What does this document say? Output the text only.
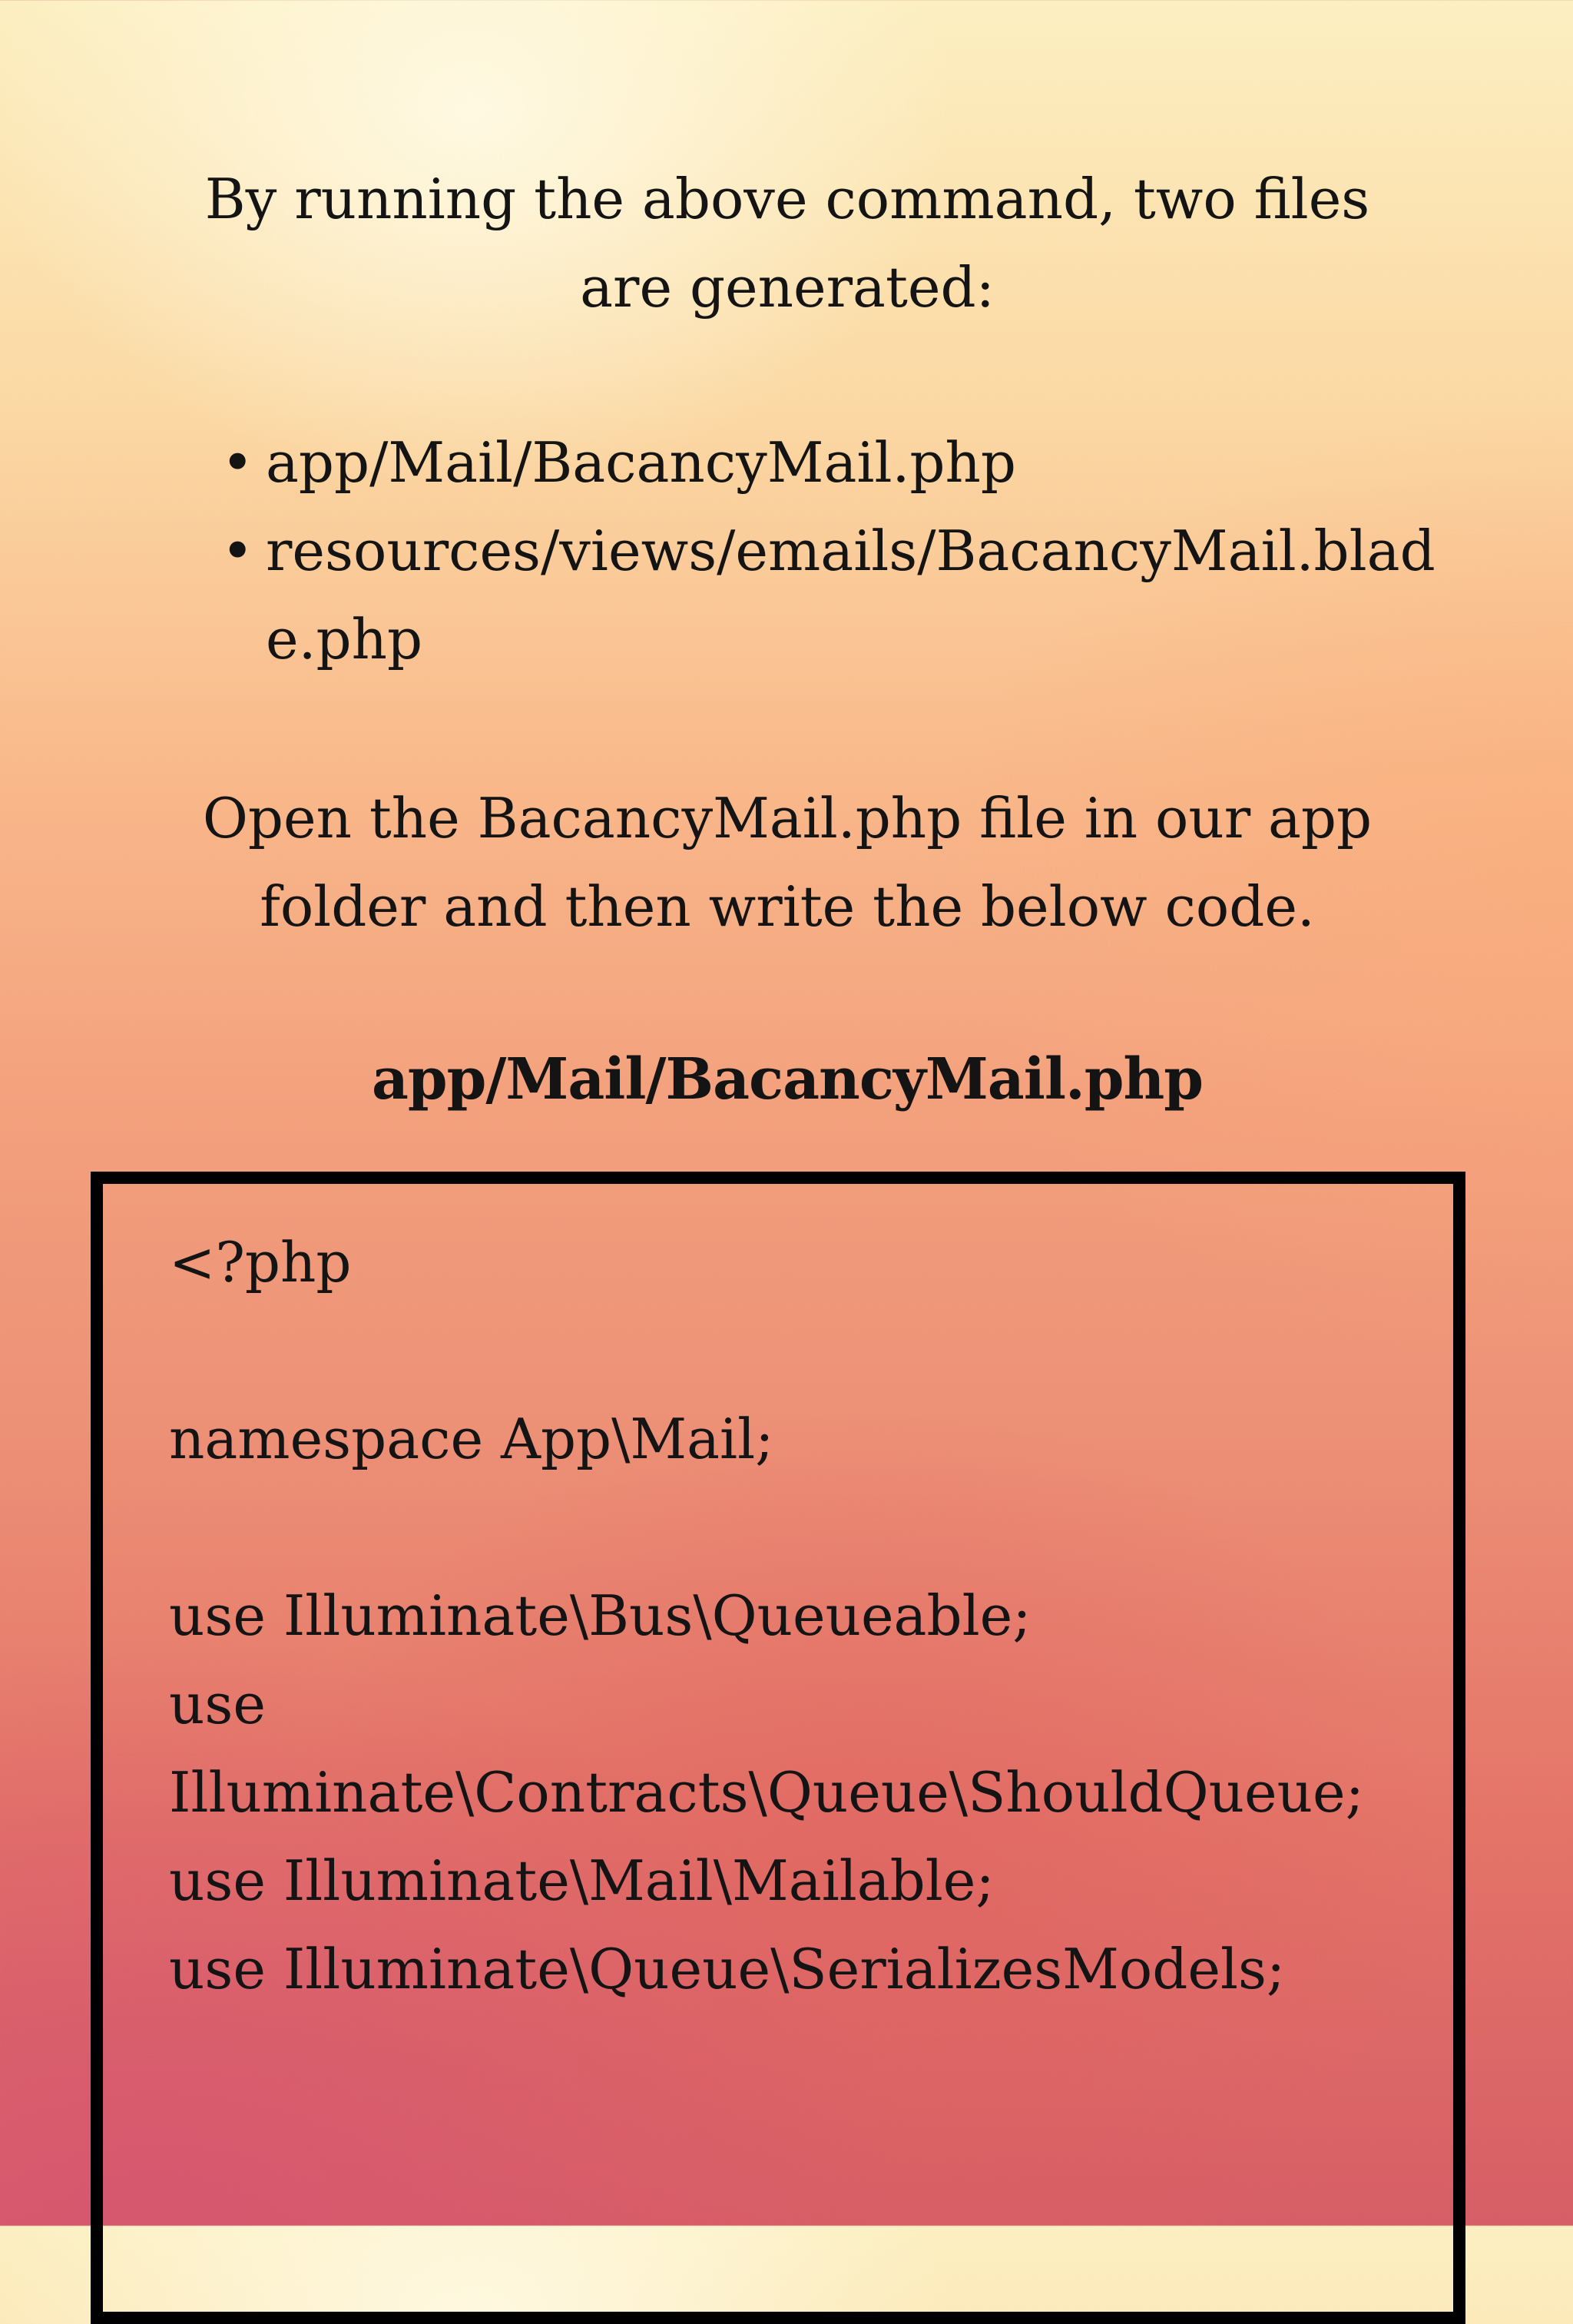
By running the above command, two files are generated:

• app/Mail/BacancyMail.php
• resources/views/emails/BacancyMail.blade.php

Open the BacancyMail.php file in our app folder and then write the below code.

app/Mail/BacancyMail.php

<?php
namespace App\Mail;
use Illuminate\Bus\Queueable;
use
Illuminate\Contracts\Queue\ShouldQueue;
use Illuminate\Mail\Mailable;
use Illuminate\Queue\SerializesModels;
